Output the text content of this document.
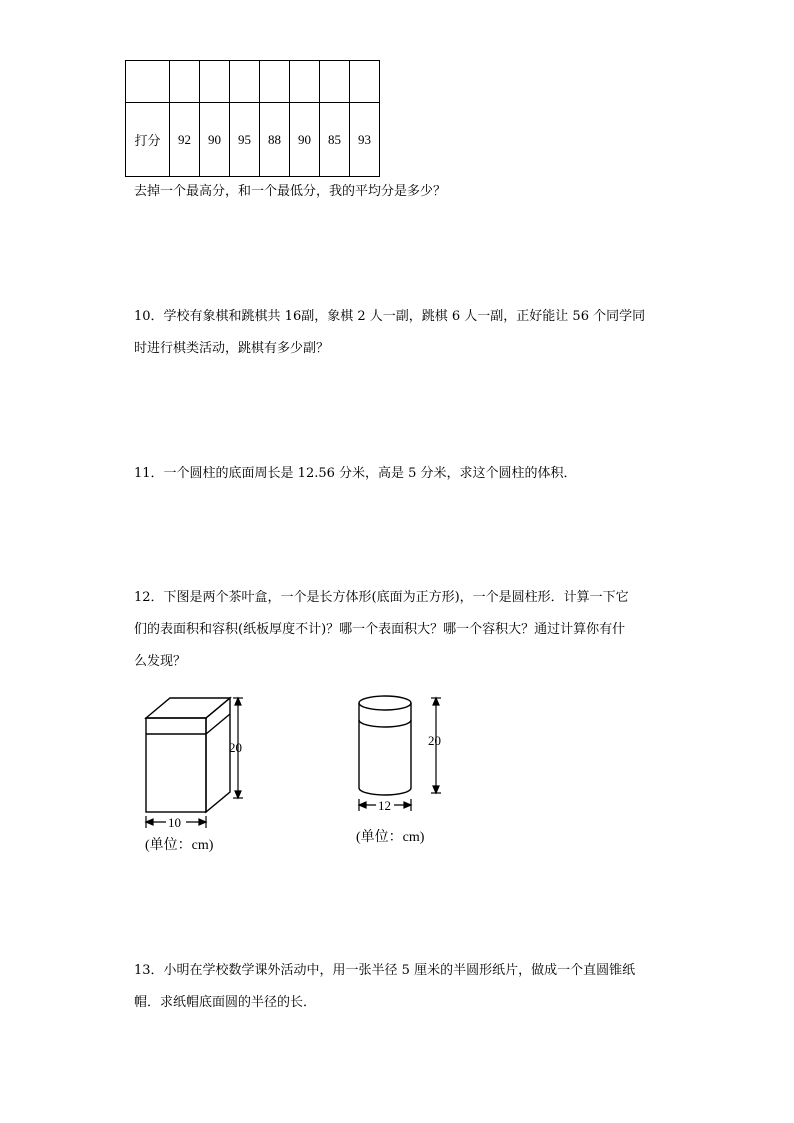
打分	92	90	95	88	90	85	93
去掉一个最高分，和一个最低分，我的平均分是多少？
10．学校有象棋和跳棋共 16副，象棋 2 人一副，跳棋 6 人一副，正好能让 56 个同学同
时进行棋类活动，跳棋有多少副？
11．一个圆柱的底面周长是 12.56 分米，高是 5 分米，求这个圆柱的体积．
12．下图是两个茶叶盒，一个是长方体形(底面为正方形)，一个是圆柱形．计算一下它
们的表面积和容积(纸板厚度不计)？哪一个表面积大？哪一个容积大？通过计算你有什
么发现？
20
10
(单位：cm)
20
12
(单位：cm)
13．小明在学校数学课外活动中，用一张半径 5 厘米的半圆形纸片，做成一个直圆锥纸
帽．求纸帽底面圆的半径的长．
